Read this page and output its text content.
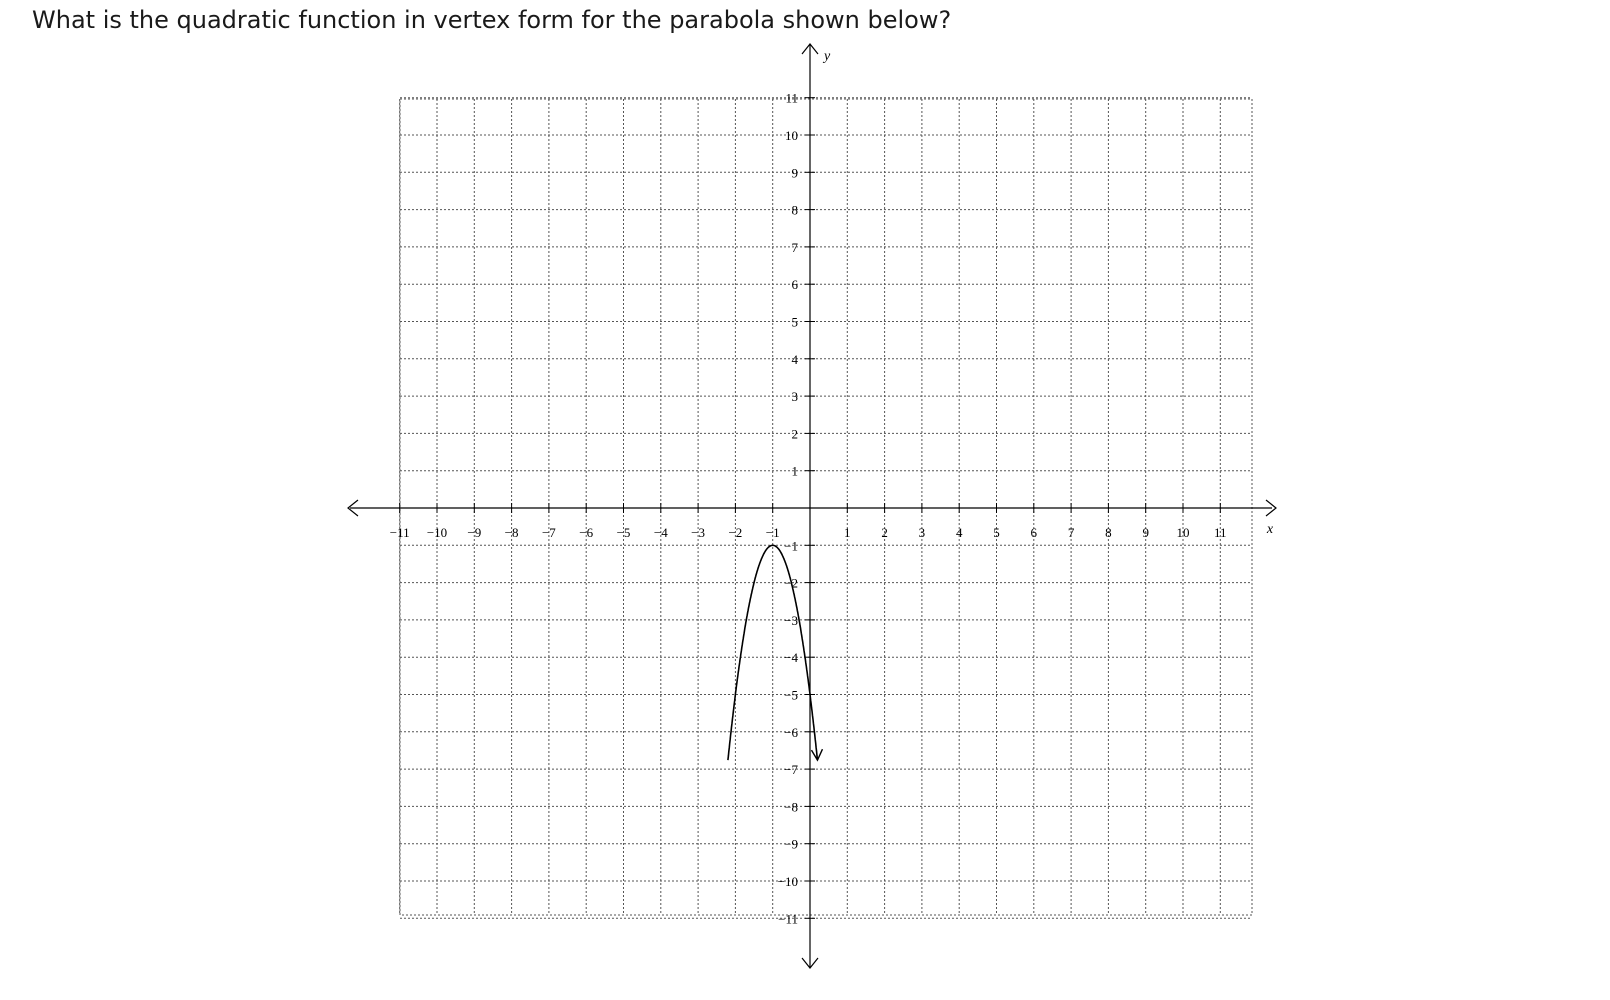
What is the quadratic function in vertex form for the parabola shown below?
x
y
−11 −10 −9 −8 −7 −6 −5 −4 −3 −2 −1	1 2 3 4 5 6 7 8 9 10 11
11
10
9
8
7
6
5
4
3
2
1
−1
−2
−3
−4
−5
−6
−7
−8
−9
−10
−11
